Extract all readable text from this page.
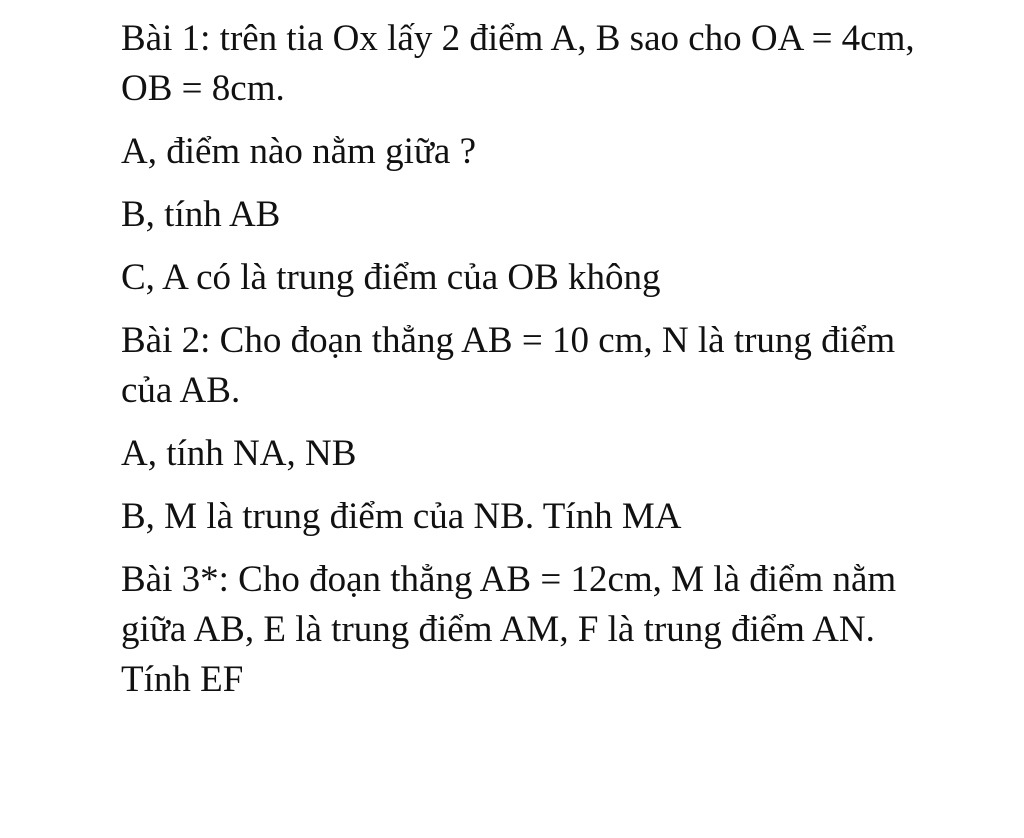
Bài 1: trên tia Ox lấy 2 điểm A, B sao cho OA = 4cm, OB = 8cm.

A, điểm nào nằm giữa ?

B, tính AB

C, A có là trung điểm của OB không

Bài 2: Cho đoạn thẳng AB = 10 cm, N là trung điểm của AB.

A, tính NA, NB

B, M là trung điểm của NB. Tính MA

Bài 3*: Cho đoạn thẳng AB = 12cm, M là điểm nằm giữa AB, E là trung điểm AM, F là trung điểm AN. Tính EF
